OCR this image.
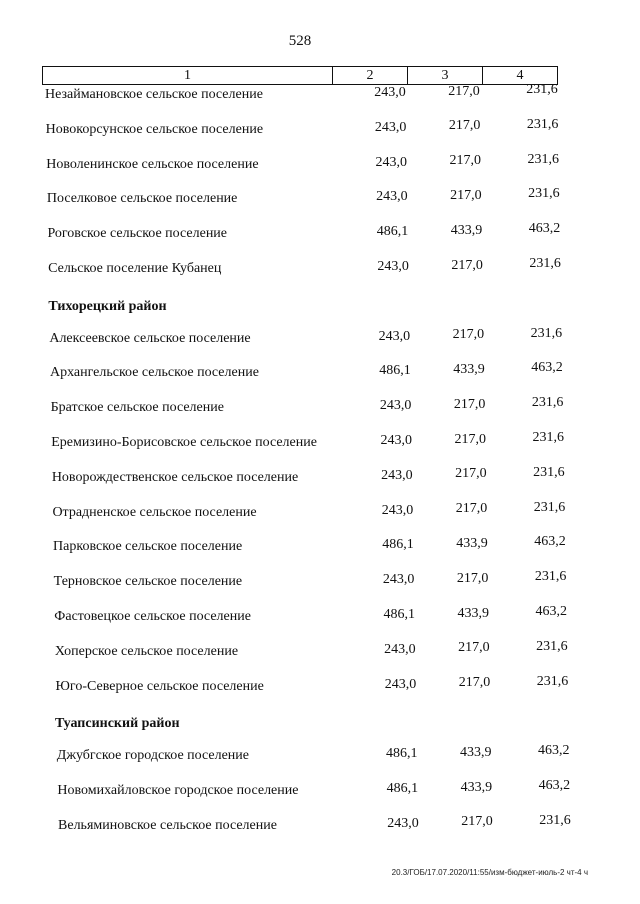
528
1	2	3	4
Незаймановское сельское поселение	243,0	217,0	231,6
Новокорсунское сельское поселение	243,0	217,0	231,6
Новоленинское сельское поселение	243,0	217,0	231,6
Поселковое сельское поселение	243,0	217,0	231,6
Роговское сельское поселение	486,1	433,9	463,2
Сельское поселение Кубанец	243,0	217,0	231,6
Тихорецкий район
Алексеевское сельское поселение	243,0	217,0	231,6
Архангельское сельское поселение	486,1	433,9	463,2
Братское сельское поселение	243,0	217,0	231,6
Еремизино-Борисовское сельское поселение	243,0	217,0	231,6
Новорождественское сельское поселение	243,0	217,0	231,6
Отрадненское сельское поселение	243,0	217,0	231,6
Парковское сельское поселение	486,1	433,9	463,2
Терновское сельское поселение	243,0	217,0	231,6
Фастовецкое сельское поселение	486,1	433,9	463,2
Хоперское сельское поселение	243,0	217,0	231,6
Юго-Северное сельское поселение	243,0	217,0	231,6
Туапсинский район
Джубгское городское поселение	486,1	433,9	463,2
Новомихайловское городское поселение	486,1	433,9	463,2
Вельяминовское сельское поселение	243,0	217,0	231,6
20.3/ГОБ/17.07.2020/11:55/изм-бюджет-июль-2 чт-4 ч
